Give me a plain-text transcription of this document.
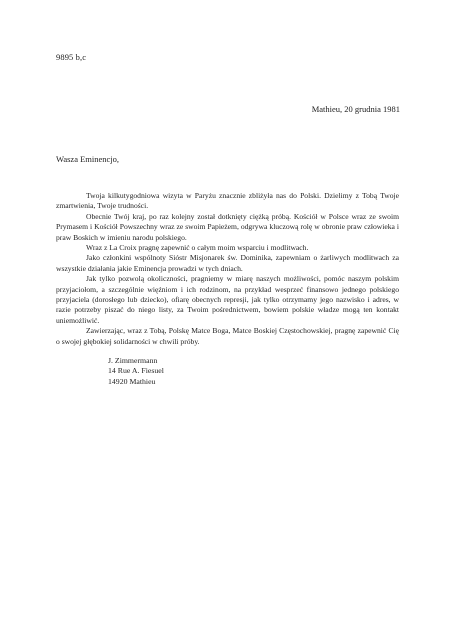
9895 b,c
Mathieu, 20 grudnia 1981
Wasza Eminencjo,

Twoja kilkutygodniowa wizyta w Paryżu znacznie zbliżyła nas do Polski. Dzielimy z Tobą Twoje zmartwienia, Twoje trudności.

Obecnie Twój kraj, po raz kolejny został dotknięty ciężką próbą. Kościół w Polsce wraz ze swoim Prymasem i Kościół Powszechny wraz ze swoim Papieżem, odgrywa kluczową rolę w obronie praw człowieka i praw Boskich w imieniu narodu polskiego.

Wraz z La Croix pragnę zapewnić o całym moim wsparciu i modlitwach.

Jako członkini wspólnoty Sióstr Misjonarek św. Dominika, zapewniam o żarliwych modlitwach za wszystkie działania jakie Eminencja prowadzi w tych dniach.

Jak tylko pozwolą okoliczności, pragniemy w miarę naszych możliwości, pomóc naszym polskim przyjaciołom, a szczególnie więźniom i ich rodzinom, na przykład wesprzeć finansowo jednego polskiego przyjaciela (dorosłego lub dziecko), ofiarę obecnych represji, jak tylko otrzymamy jego nazwisko i adres, w razie potrzeby piszać do niego listy, za Twoim pośrednictwem, bowiem polskie władze mogą ten kontakt uniemożliwić.

Zawierzając, wraz z Tobą, Polskę Matce Boga, Matce Boskiej Częstochowskiej, pragnę zapewnić Cię o swojej głębokiej solidarności w chwili próby.

J. Zimmermann
14 Rue A. Fiesuel
14920 Mathieu
